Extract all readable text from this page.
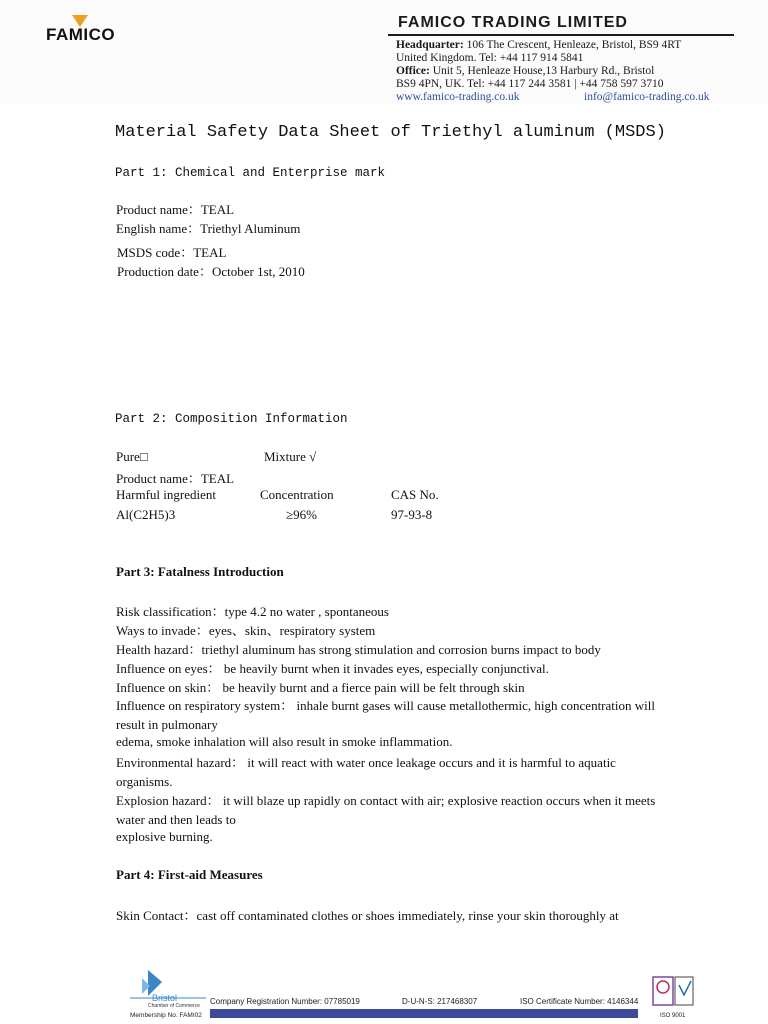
FAMICO
FAMICO TRADING LIMITED
Headquarter: 106 The Crescent, Henleaze, Bristol, BS9 4RT
United Kingdom. Tel: +44 117 914 5841
Office: Unit 5, Henleaze House,13 Harbury Rd., Bristol
BS9 4PN, UK. Tel: +44 117 244 3581 | +44 758 597 3710
www.famico-trading.co.uk	info@famico-trading.co.uk
Material Safety Data Sheet of Triethyl aluminum (MSDS)
Part 1: Chemical and Enterprise mark
Product name：TEAL
English name：Triethyl Aluminum
MSDS code：TEAL
Production date：October 1st, 2010
Part 2: Composition Information
Pure□	Mixture √
Product name：TEAL
Harmful ingredient	Concentration	CAS No.
Al(C2H5)3	≥96%	97-93-8
Part 3: Fatalness Introduction
Risk classification：type 4.2 no water , spontaneous
Ways to invade：eyes、skin、respiratory system
Health hazard：triethyl aluminum has strong stimulation and corrosion burns impact to body
Influence on eyes： be heavily burnt when it invades eyes, especially conjunctival.
Influence on skin： be heavily burnt and a fierce pain will be felt through skin
Influence on respiratory system： inhale burnt gases will cause metallothermic, high concentration will result in pulmonary
edema, smoke inhalation will also result in smoke inflammation.
Environmental hazard： it will react with water once leakage occurs and it is harmful to aquatic organisms.
Explosion hazard： it will blaze up rapidly on contact with air; explosive reaction occurs when it meets water and then leads to
explosive burning.
Part 4: First-aid Measures
Skin Contact：cast off contaminated clothes or shoes immediately, rinse your skin thoroughly at
Bristol
Chamber of Commerce
Membership No. FAMI02
Company Registration Number: 07785019	D-U-N-S: 217468307	ISO Certificate Number: 4146344
ISO 9001
